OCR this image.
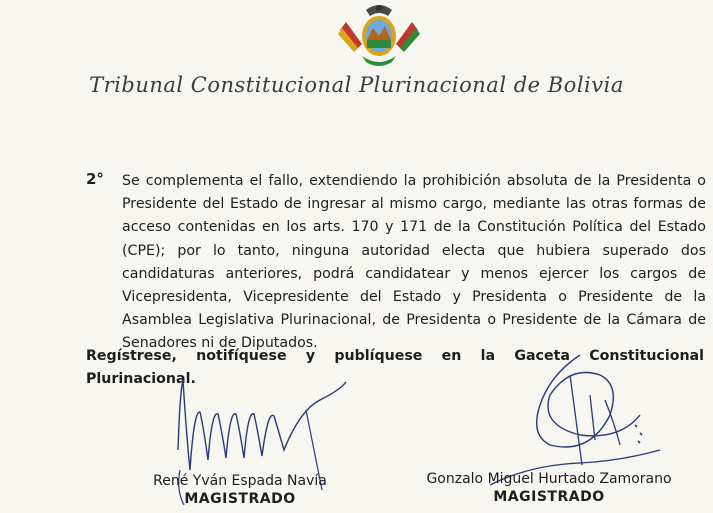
Tribunal Constitucional Plurinacional de Bolivia
2° Se complementa el fallo, extendiendo la prohibición absoluta de la Presidenta o Presidente del Estado de ingresar al mismo cargo, mediante las otras formas de acceso contenidas en los arts. 170 y 171 de la Constitución Política del Estado (CPE); por lo tanto, ninguna autoridad electa que hubiera superado dos candidaturas anteriores, podrá candidatear y menos ejercer los cargos de Vicepresidenta, Vicepresidente del Estado y Presidenta o Presidente de la Asamblea Legislativa Plurinacional, de Presidenta o Presidente de la Cámara de Senadores ni de Diputados.
Regístrese, notifíquese y publíquese en la Gaceta Constitucional Plurinacional.
René Yván Espada Navía
MAGISTRADO
Gonzalo Miguel Hurtado Zamorano
MAGISTRADO
